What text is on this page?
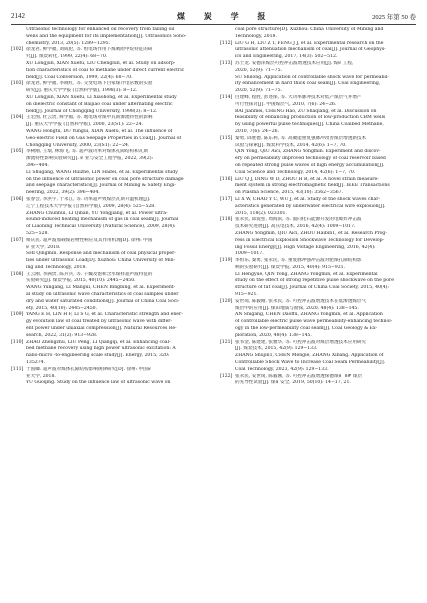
2142	煤 炭 学 报	2025 年第 50 卷
Ultrasonic technology for enhanced oil recovery from failing oil
wells and the equipment for its implementation[J]. Ultrasonics Sono-
chemistry, 2013, 20(5): 1289−1295.
[102] 徐龙君, 鲜学福, 刘成伦, 等. 恒电场作用下煤吸附甲烷特征的研
究[J]. 煤炭转化, 1999, 22(4): 68−70.
XU Longjun, XIAN Xuefu, LIU Chenglun, et al. Study on adsorp-
tion characteristics of coal to methane under direct current electric
field[J]. Coal Conversion, 1999, 22(4): 68−70.
[103] 徐龙君, 鲜学福, 李晓红, 等. 交变电场下白家煤介电常数的实验
研究[J]. 重庆大学学报 (自然科学版), 1998(3): 8−12.
XU Longjun, XIAN Xuefu, LI Xiaohong, et al. Experimental study
on dielectric constant of Baijiao coal under alternating electric
field[J]. Journal of Chongqing University, 1998(3): 8−12.
[104] 王宏图, 杜云贵, 鲜学福, 等. 地电场对煤中瓦斯渗流特性的影响
[J]. 重庆大学学报 (自然科学版), 2000, 23(S1): 22−24.
WANG Hongtu, DU Yungui, XIAN Xuefu, et al. The influence of
Geo-electric Field on Gas Seepage Properties in Coal[J]. Journal of
Chongqing University, 2000, 23(S1): 22−24.
[105] 李树刚, 王瑞, 林海飞, 等. 超声波功率对煤体孔隙结构和瓦斯
渗流特性影响实验研究[J]. 矿业与安全工程学报, 2022, 39(2):
396−404.
LI Shugang, WANG Ruizhe, LIN Haifei, et al. Experimental study
on the influence of ultrasonic power on coal pore structure damage
and seepage characteristics[J]. Journal of Mining & Safety Engi-
neering, 2022, 39(2): 396−404.
[106] 张春会, 李洪宇, 于永江, 等. 功率超声致煤层瓦斯升温机理[J].
辽宁工程技术大学学报 (自然科学版), 2009, 28(4): 525−528.
ZHANG Chunhui, LI Qihan, YU Yongjiang, et al. Power ultra-
sound-induced heating mechanism of gas in coal seam[J]. Journal
of Liaoning Technical University (Natural Science), 2009, 28(4):
525−528.
[107] 师庆民. 超声波加载煤岩物性响应及其作用机理[D]. 徐州: 中国
矿业大学, 2018.
SHI Qingmin. Response and mechanism of coal physical proper-
ties under ultrasonic Load[D]. Xuzhou: China University of Min-
ing and Technology, 2018.
[108] 王云刚, 李满贵, 陈兵兵, 等. 干燥及饱和含水煤样超声波特征的
实验研究[J]. 煤炭学报, 2015, 40(10): 2445−2450.
WANG Yungang, LI Mangui, CHEN Bingbing, et al. Experiment-
al study on ultrasonic wave characteristics of coal samples under
dry and water saturated conditions[J]. Journal of China Coal Soci-
ety, 2015, 40(10): 2445−2450.
[109] YANG E H, LIN H F, LI S G, et al. Characteristic strength and ener-
gy evolution law of coal treated by ultrasonic wave with differ-
ent power under uniaxial compression[J]. Natural Resources Re-
search, 2022, 31(2): 913−928.
[110] ZHAO Zhengzhu, LIU Peng, LI Qiangqi, et al. Enhancing coal-
bed methane recovery using high power ultrasonic excitation: A
nano-micro -to-engineering scale study[J]. Energy, 2015, 320:
135274.
[111] 于国卿. 超声波对煤体孔隙结构影响规律研究[D]. 徐州: 中国矿
业大学, 2018.
YU Guoqing. Study on the influence law of ultrasonic wave on
coal pore structure[D]. Xuzhou: China University of Mining and
Technology, 2018.
[112] LIU G H, LIU Z T, FENG J J, et al. Experimental research on the
ultrasonic attenuation mechanism of coal[J]. Journal of Geophys-
ics and Engineering, 2017, 14(3): 502−512.
[113] 苏士龙. 安德泽煤层可控冲击波增透技术应用[J]. 煤矿工程,
2020, 52(9): 71−75.
SU Shilong. Application of controllable shock wave for permeabil-
ity enhancement in hard thick coal seam[J]. Coal Engineering,
2020, 52(9): 71−75.
[114] 白建峰, 程胜, 彭述保, 等. 大功率脉冲技术对低产煤层气井增产
可行性探讨[J]. 中国煤层气, 2010, 7(6): 24−26.
BAI Jianmei, CHENG Hao, ZU Shaqiang, et al. Discussion on
feasibility of enhancing production of low-production CBM wells
by using powerful pulse techniques[J]. China Coalbed Methane,
2010, 7(6): 24−26.
[115] 秦勇, 邱胜德, 陈东利, 等. 高聚能重复强脉冲改善煤层增透新技术
试验与探索[J]. 煤炭科学技术, 2014, 42(6): 1−7, 70.
QIN Yong, QIU Aici, ZHANG Yongmin. Experiment and discov-
ery on permeability improved technology of coal reservoir based
on repeated strong pulse waves of high energy accumulation[J].
Coal Science and Technology, 2014, 42(6): 1−7, 70.
[116] LIU Q J, DING W D, ZHOU H B, et al. A novel strain measure-
ment system in strong electromagnetic field[J]. IEEE Transactions
on Plasma Science, 2015, 43(10): 3562−3567.
[117] LI X W, CHAO Y C, WU J, et al. Study of the shock waves char-
acteristics generated by underwater electrical wire explosion[J].
2015, 118(2): 023301.
[118] 张永民, 邱爱慈, 周海滨, 等. 面向化石能源开发的电爆炸冲击波
技术研究进展[J]. 高压电技术, 2016, 42(4): 1009−1017.
ZHANG Yongmin, QIU Aici, ZHOU Haibin1, et al. Research Prog-
ress in Electrical Explosion Shockwave Technology for Develop-
ing Fossil Energy[J]. High Voltage Engineering, 2016, 42(4):
1009−1017.
[119] 李恒乐, 秦勇, 张永民, 等. 重复脉冲强冲击波对肥煤孔隙结构影
响的实验研究[J]. 煤炭学报, 2015, 40(4): 915−921.
LI Hengyue, QIN Yong, ZHANG Yongmin, et al. Experimental
study on the effect of strong repetitive pulse shockwave on the pore
structure of fat coal[J]. Journal of China Coal Society, 2015, 40(4):
915−921.
[120] 安世岗, 陈毅刚, 张永民, 等. 可控冲击波增透技术在低渗透煤层气
煤层中的应用[J]. 煤田地质与勘探, 2020, 48(4): 138−145.
AN Shigang, CHEN Daoffu, ZHANG Yongmin, et al. Application
of controllable electric pulse wave permeability-enhancing technol-
ogy in the low-permeability coal seam[J]. Coal Geology & Ex-
ploration, 2020, 48(4): 138−145.
[121] 张书金, 陈建建, 张雅华, 等. 可控冲击波对煤层增透技术应用研究
[J]. 煤炭技术, 2015, 42(9): 129−133.
ZHANG Shujin1, CHEN Mengle, ZHANG Xibang. Application of
Controllable Shock Wave to Increase Coal Seam Permeability[J].
Coal Technology, 2023, 42(9): 129−133.
[122] 张永民, 安世岗, 陈毅刚, 等. 可控冲击波增透保德煤矿 8# 煤层
的先导性试验[J]. 煤矿安全, 2019, 50(10): 14−17, 21.
